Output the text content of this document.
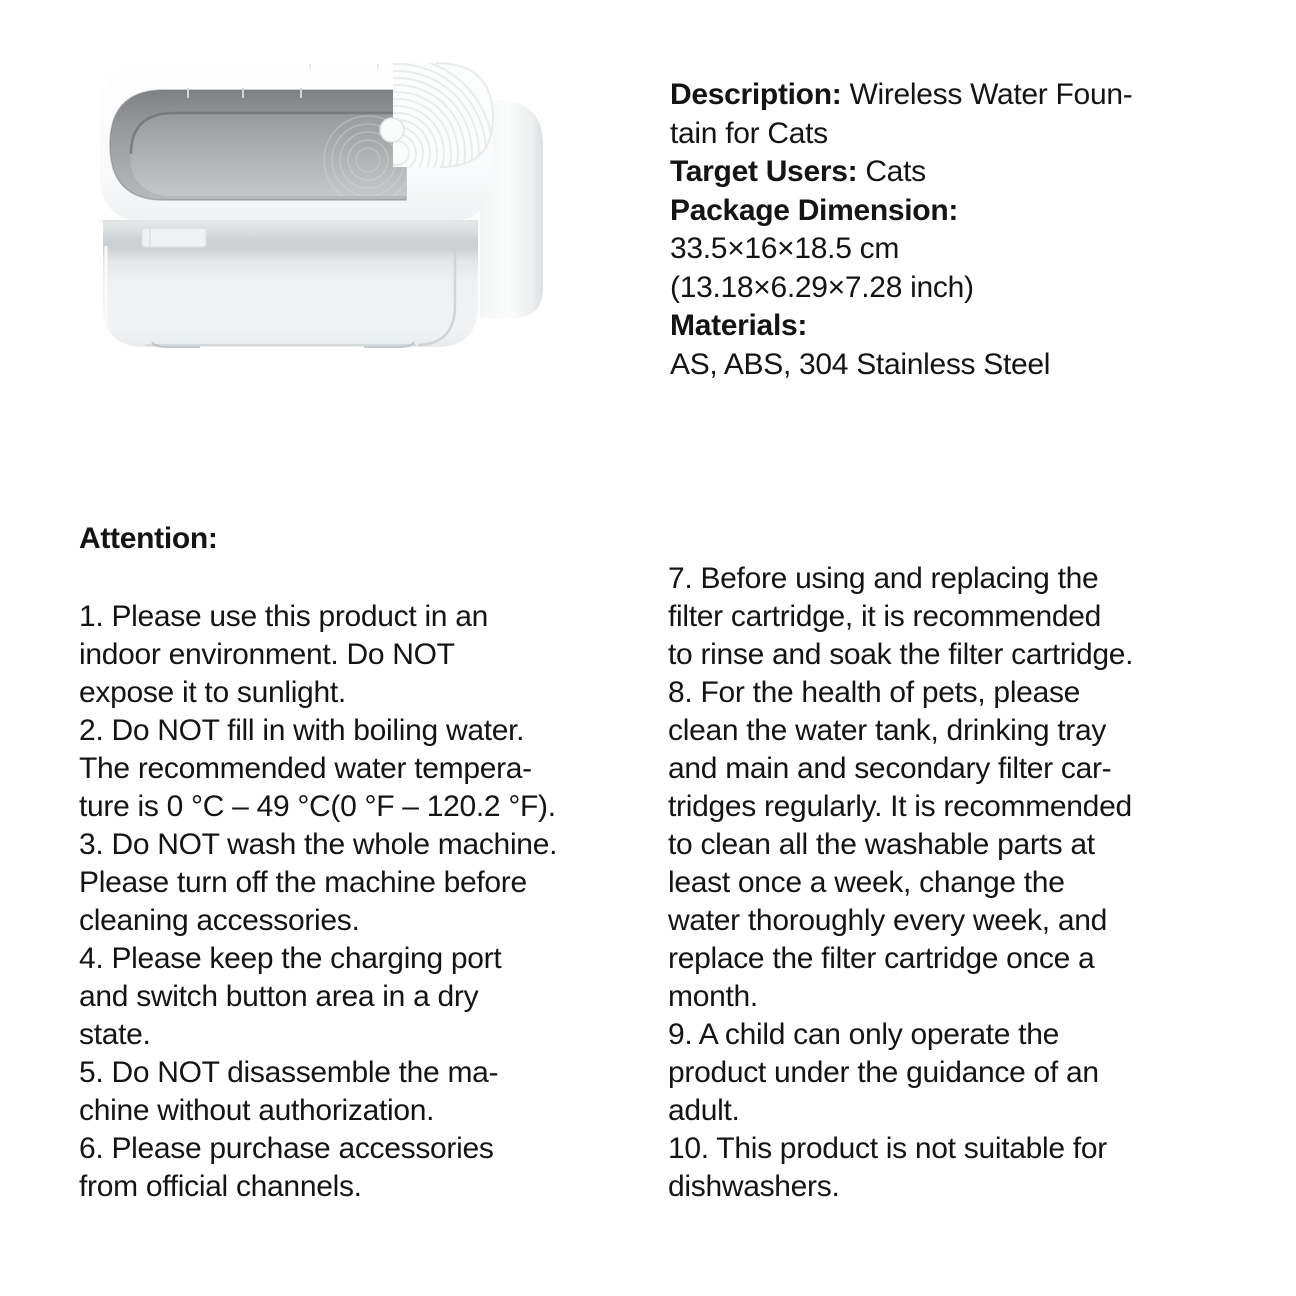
Description: Wireless Water Foun-
tain for Cats
Target Users: Cats
Package Dimension:
33.5×16×18.5 cm
(13.18×6.29×7.28 inch)
Materials:
AS, ABS, 304 Stainless Steel
Attention:
1. Please use this product in an
indoor environment. Do NOT
expose it to sunlight.
2. Do NOT fill in with boiling water.
The recommended water tempera-
ture is 0 °C – 49 °C(0 °F – 120.2 °F).
3. Do NOT wash the whole machine.
Please turn off the machine before
cleaning accessories.
4. Please keep the charging port
and switch button area in a dry
state.
5. Do NOT disassemble the ma-
chine without authorization.
6. Please purchase accessories
from official channels.
7. Before using and replacing the
filter cartridge, it is recommended
to rinse and soak the filter cartridge.
8. For the health of pets, please
clean the water tank, drinking tray
and main and secondary filter car-
tridges regularly. It is recommended
to clean all the washable parts at
least once a week, change the
water thoroughly every week, and
replace the filter cartridge once a
month.
9. A child can only operate the
product under the guidance of an
adult.
10. This product is not suitable for
dishwashers.
